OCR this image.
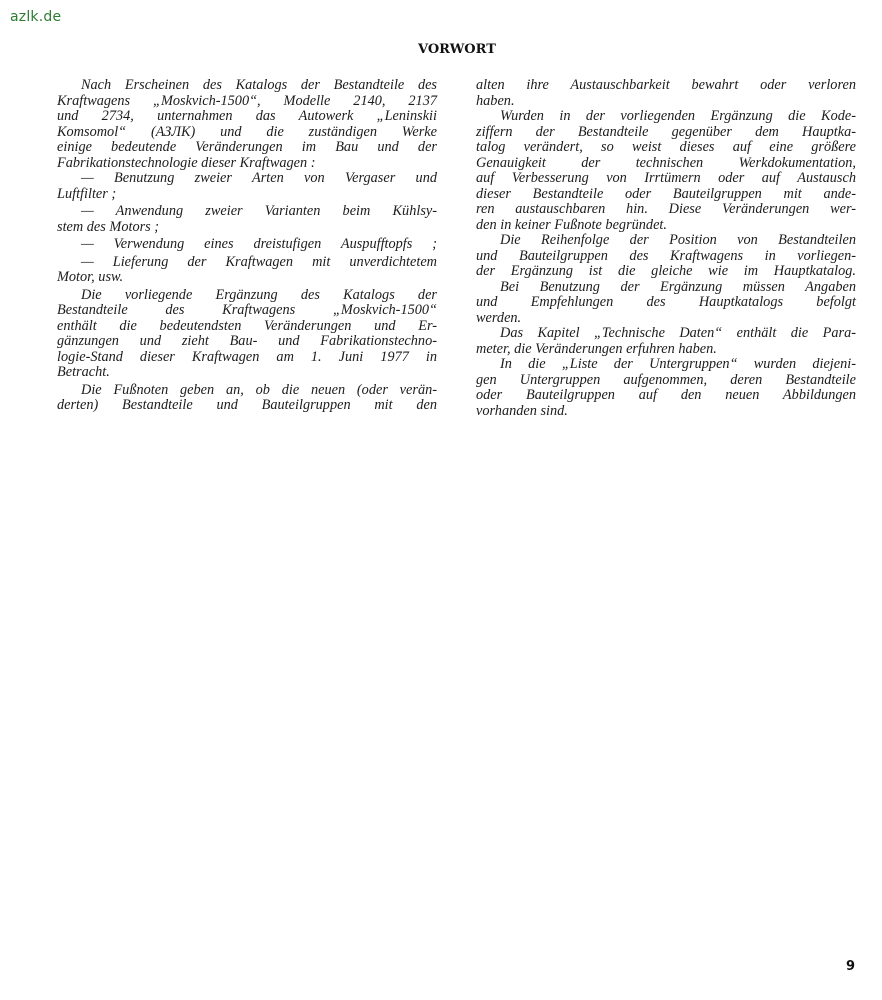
azlk.de
VORWORT
Nach Erscheinen des Katalogs der Bestandteile des
Kraftwagens „Moskvich-1500“, Modelle 2140, 2137
und 2734, unternahmen das Autowerk „Leninskii
Komsomol“ (АЗЛК) und die zuständigen Werke
einige bedeutende Veränderungen im Bau und der
Fabrikationstechnologie dieser Kraftwagen :
— Benutzung zweier Arten von Vergaser und
Luftfilter ;
— Anwendung zweier Varianten beim Kühlsy-
stem des Motors ;
— Verwendung eines dreistufigen Auspufftopfs ;
— Lieferung der Kraftwagen mit unverdichtetem
Motor, usw.
Die vorliegende Ergänzung des Katalogs der
Bestandteile des Kraftwagens „Moskvich-1500“
enthält die bedeutendsten Veränderungen und Er-
gänzungen und zieht Bau- und Fabrikationstechno-
logie-Stand dieser Kraftwagen am 1. Juni 1977 in
Betracht.
Die Fußnoten geben an, ob die neuen (oder verän-
derten) Bestandteile und Bauteilgruppen mit den
alten ihre Austauschbarkeit bewahrt oder verloren
haben.
Wurden in der vorliegenden Ergänzung die Kode-
ziffern der Bestandteile gegenüber dem Hauptka-
talog verändert, so weist dieses auf eine größere
Genauigkeit der technischen Werkdokumentation,
auf Verbesserung von Irrtümern oder auf Austausch
dieser Bestandteile oder Bauteilgruppen mit ande-
ren austauschbaren hin. Diese Veränderungen wer-
den in keiner Fußnote begründet.
Die Reihenfolge der Position von Bestandteilen
und Bauteilgruppen des Kraftwagens in vorliegen-
der Ergänzung ist die gleiche wie im Hauptkatalog.
Bei Benutzung der Ergänzung müssen Angaben
und Empfehlungen des Hauptkatalogs befolgt
werden.
Das Kapitel „Technische Daten“ enthält die Para-
meter, die Veränderungen erfuhren haben.
In die „Liste der Untergruppen“ wurden diejeni-
gen Untergruppen aufgenommen, deren Bestandteile
oder Bauteilgruppen auf den neuen Abbildungen
vorhanden sind.
9
